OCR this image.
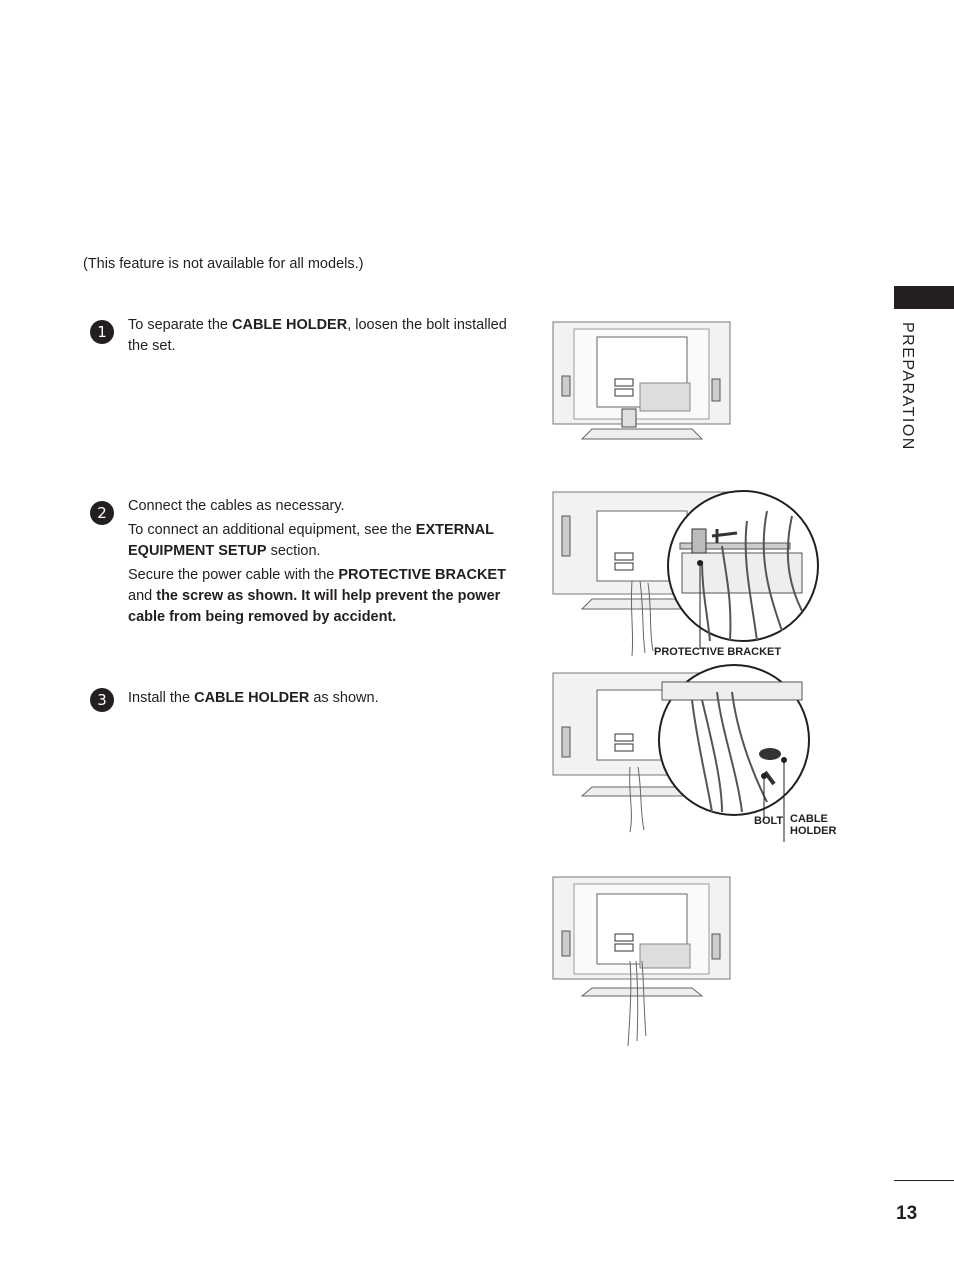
(This feature is not available for all models.)
1	To separate the CABLE HOLDER, loosen the bolt installed the set.

2	Connect the cables as necessary.

To connect an additional equipment, see the EXTERNAL EQUIPMENT SETUP section.

Secure the power cable with the PROTECTIVE BRACKET and the screw as shown. It will help prevent the power cable from being removed by accident.

3	Install the CABLE HOLDER as shown.

PROTECTIVE BRACKET
BOLT CABLE HOLDER
PREPARATION
13
